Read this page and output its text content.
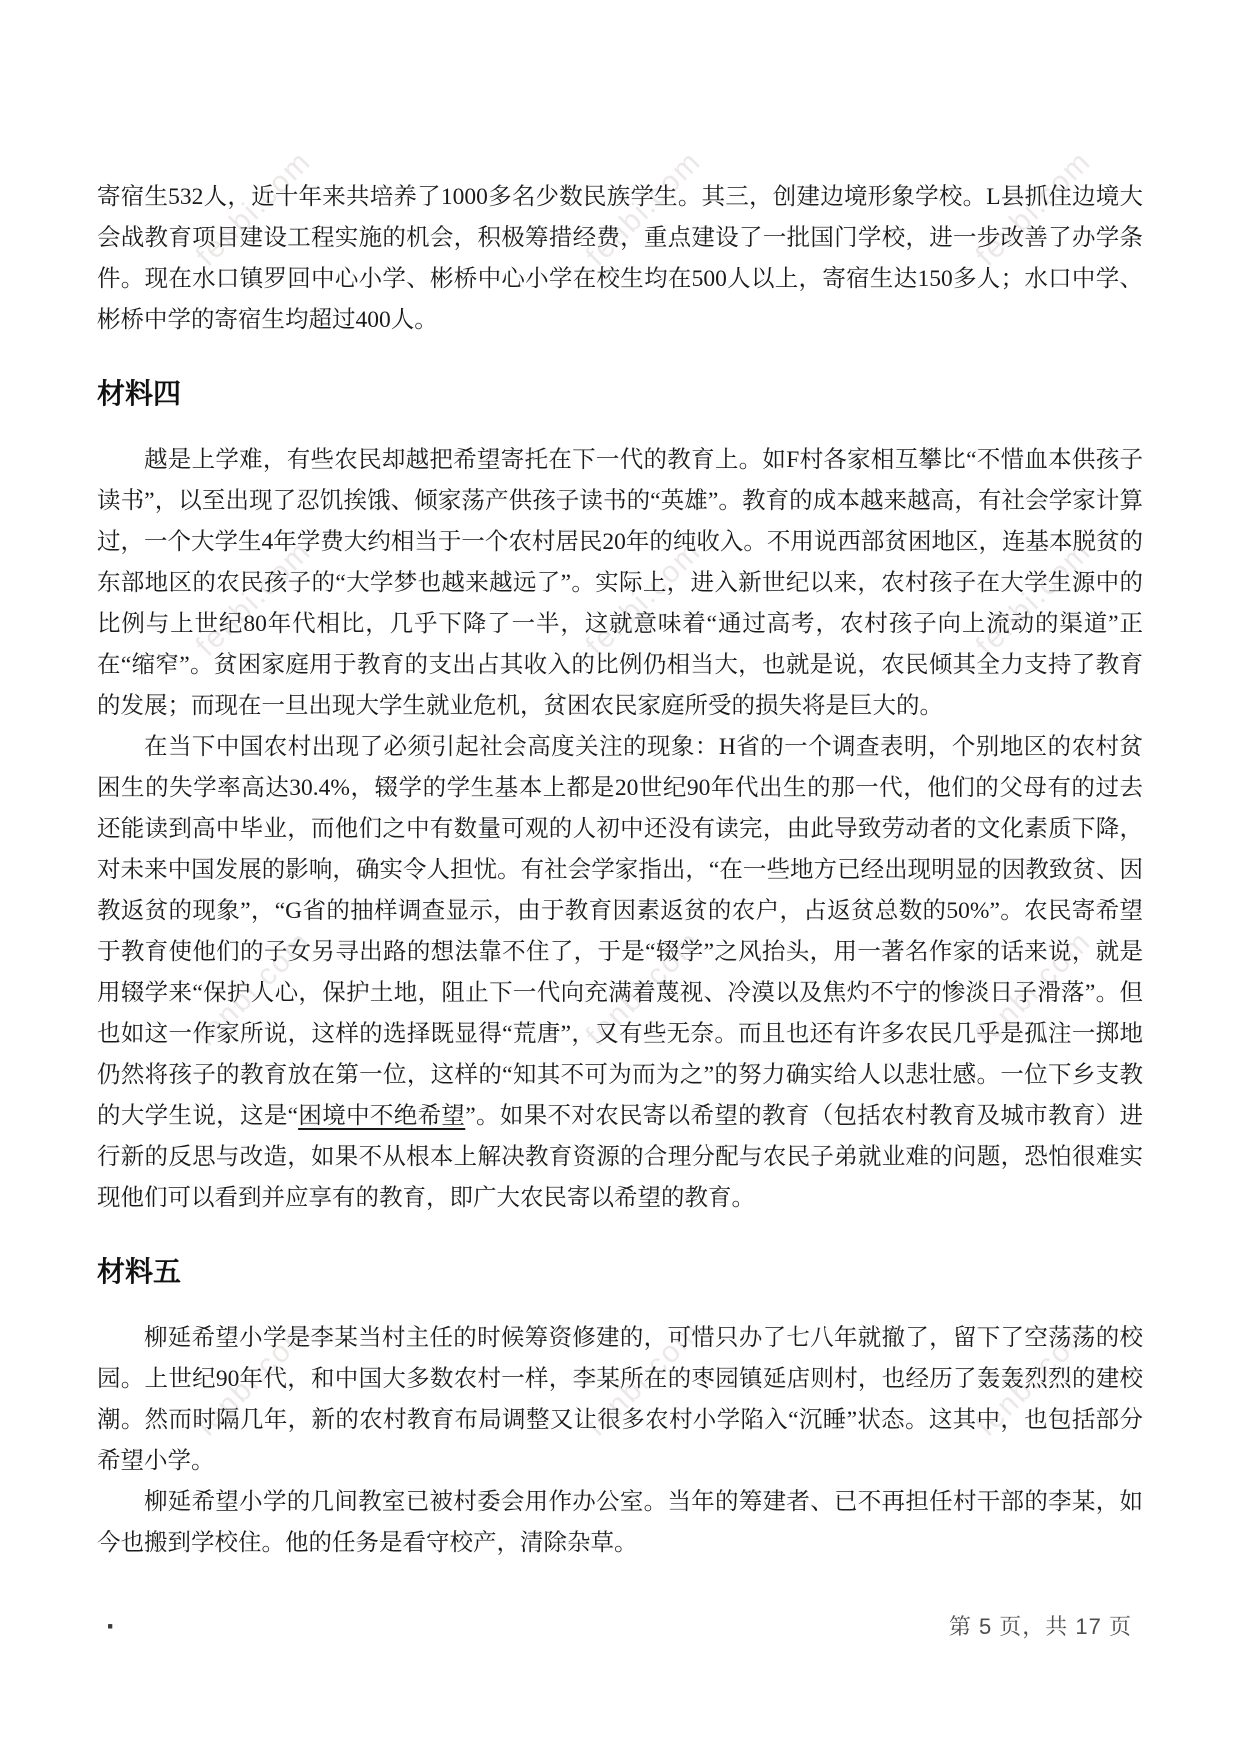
fenbi.com	fenbi.com	fenbi.com
fenbi.com	fenbi.com	fenbi.com
fenbi.com	fenbi.com	fenbi.com
fenbi.com	fenbi.com	fenbi.com

寄宿生532人，近十年来共培养了1000多名少数民族学生。其三，创建边境形象学校。L县抓住边境大会战教育项目建设工程实施的机会，积极筹措经费，重点建设了一批国门学校，进一步改善了办学条件。现在水口镇罗回中心小学、彬桥中心小学在校生均在500人以上，寄宿生达150多人；水口中学、彬桥中学的寄宿生均超过400人。

材料四

越是上学难，有些农民却越把希望寄托在下一代的教育上。如F村各家相互攀比“不惜血本供孩子读书”，以至出现了忍饥挨饿、倾家荡产供孩子读书的“英雄”。教育的成本越来越高，有社会学家计算过，一个大学生4年学费大约相当于一个农村居民20年的纯收入。不用说西部贫困地区，连基本脱贫的东部地区的农民孩子的“大学梦也越来越远了”。实际上，进入新世纪以来，农村孩子在大学生源中的比例与上世纪80年代相比，几乎下降了一半，这就意味着“通过高考，农村孩子向上流动的渠道”正在“缩窄”。贫困家庭用于教育的支出占其收入的比例仍相当大，也就是说，农民倾其全力支持了教育的发展；而现在一旦出现大学生就业危机，贫困农民家庭所受的损失将是巨大的。

在当下中国农村出现了必须引起社会高度关注的现象：H省的一个调查表明，个别地区的农村贫困生的失学率高达30.4%，辍学的学生基本上都是20世纪90年代出生的那一代，他们的父母有的过去还能读到高中毕业，而他们之中有数量可观的人初中还没有读完，由此导致劳动者的文化素质下降，对未来中国发展的影响，确实令人担忧。有社会学家指出，“在一些地方已经出现明显的因教致贫、因教返贫的现象”，“G省的抽样调查显示，由于教育因素返贫的农户，占返贫总数的50%”。农民寄希望于教育使他们的子女另寻出路的想法靠不住了，于是“辍学”之风抬头，用一著名作家的话来说，就是用辍学来“保护人心，保护土地，阻止下一代向充满着蔑视、冷漠以及焦灼不宁的惨淡日子滑落”。但也如这一作家所说，这样的选择既显得“荒唐”，又有些无奈。而且也还有许多农民几乎是孤注一掷地仍然将孩子的教育放在第一位，这样的“知其不可为而为之”的努力确实给人以悲壮感。一位下乡支教的大学生说，这是“困境中不绝希望”。如果不对农民寄以希望的教育（包括农村教育及城市教育）进行新的反思与改造，如果不从根本上解决教育资源的合理分配与农民子弟就业难的问题，恐怕很难实现他们可以看到并应享有的教育，即广大农民寄以希望的教育。

材料五

柳延希望小学是李某当村主任的时候筹资修建的，可惜只办了七八年就撤了，留下了空荡荡的校园。上世纪90年代，和中国大多数农村一样，李某所在的枣园镇延店则村，也经历了轰轰烈烈的建校潮。然而时隔几年，新的农村教育布局调整又让很多农村小学陷入“沉睡”状态。这其中，也包括部分希望小学。

柳延希望小学的几间教室已被村委会用作办公室。当年的筹建者、已不再担任村干部的李某，如今也搬到学校住。他的任务是看守校产，清除杂草。

·	第 5 页，共 17 页
